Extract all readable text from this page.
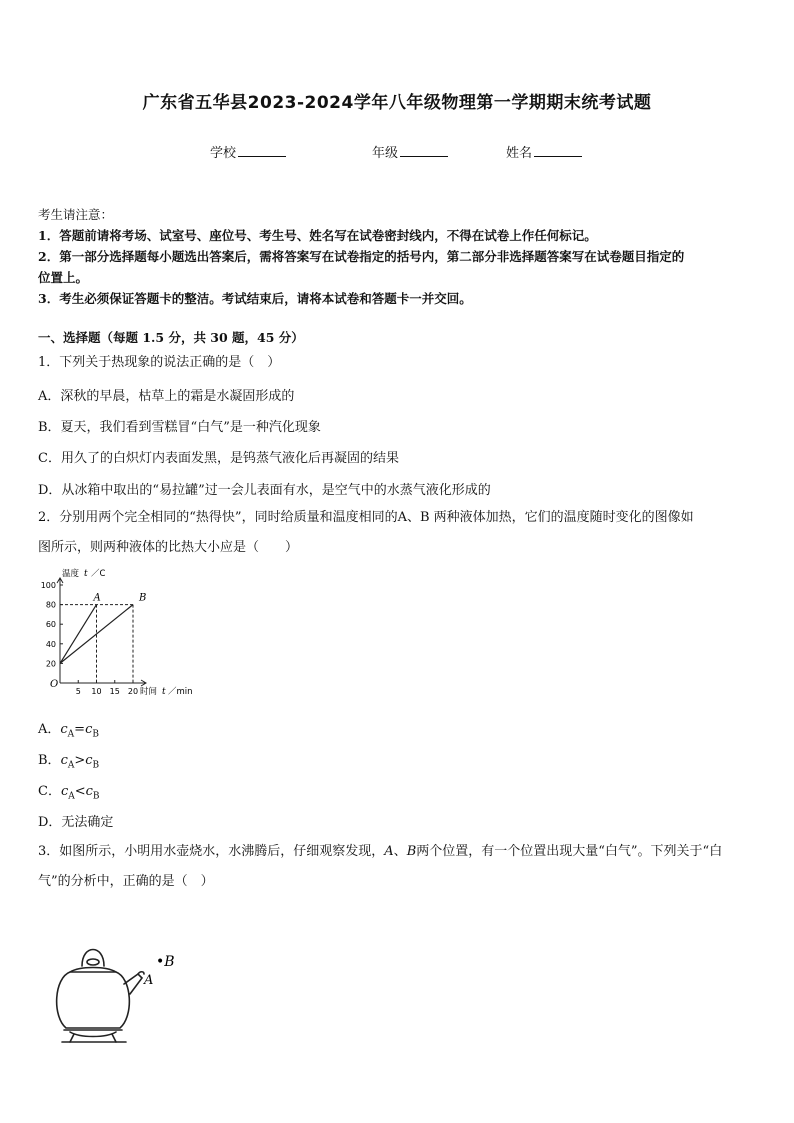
广东省五华县2023-2024学年八年级物理第一学期期末统考试题
学校	年级	姓名
考生请注意：
1．答题前请将考场、试室号、座位号、考生号、姓名写在试卷密封线内，不得在试卷上作任何标记。
2．第一部分选择题每小题选出答案后，需将答案写在试卷指定的括号内，第二部分非选择题答案写在试卷题目指定的
位置上。
3．考生必须保证答题卡的整洁。考试结束后，请将本试卷和答题卡一并交回。
一、选择题（每题 1.5 分，共 30 题，45 分）
1．下列关于热现象的说法正确的是（　）
A．深秋的早晨，枯草上的霜是水凝固形成的
B．夏天，我们看到雪糕冒“白气”是一种汽化现象
C．用久了的白炽灯内表面发黑，是钨蒸气液化后再凝固的结果
D．从冰箱中取出的“易拉罐”过一会儿表面有水，是空气中的水蒸气液化形成的
2．分别用两个完全相同的“热得快”，同时给质量和温度相同的A、B 两种液体加热，它们的温度随时变化的图像如
图所示，则两种液体的比热大小应是（　　）
20
40
60
80
100
5 10 15 20
A	B
O
温度 t ／C
时间 t ／min
A．$c_A=c_B$
B．$c_A>c_B$
C．$c_A<c_B$
D．无法确定
3．如图所示，小明用水壶烧水，水沸腾后，仔细观察发现，A、B两个位置，有一个位置出现大量“白气”。下列关于“白
气”的分析中，正确的是（　）
A
•B
